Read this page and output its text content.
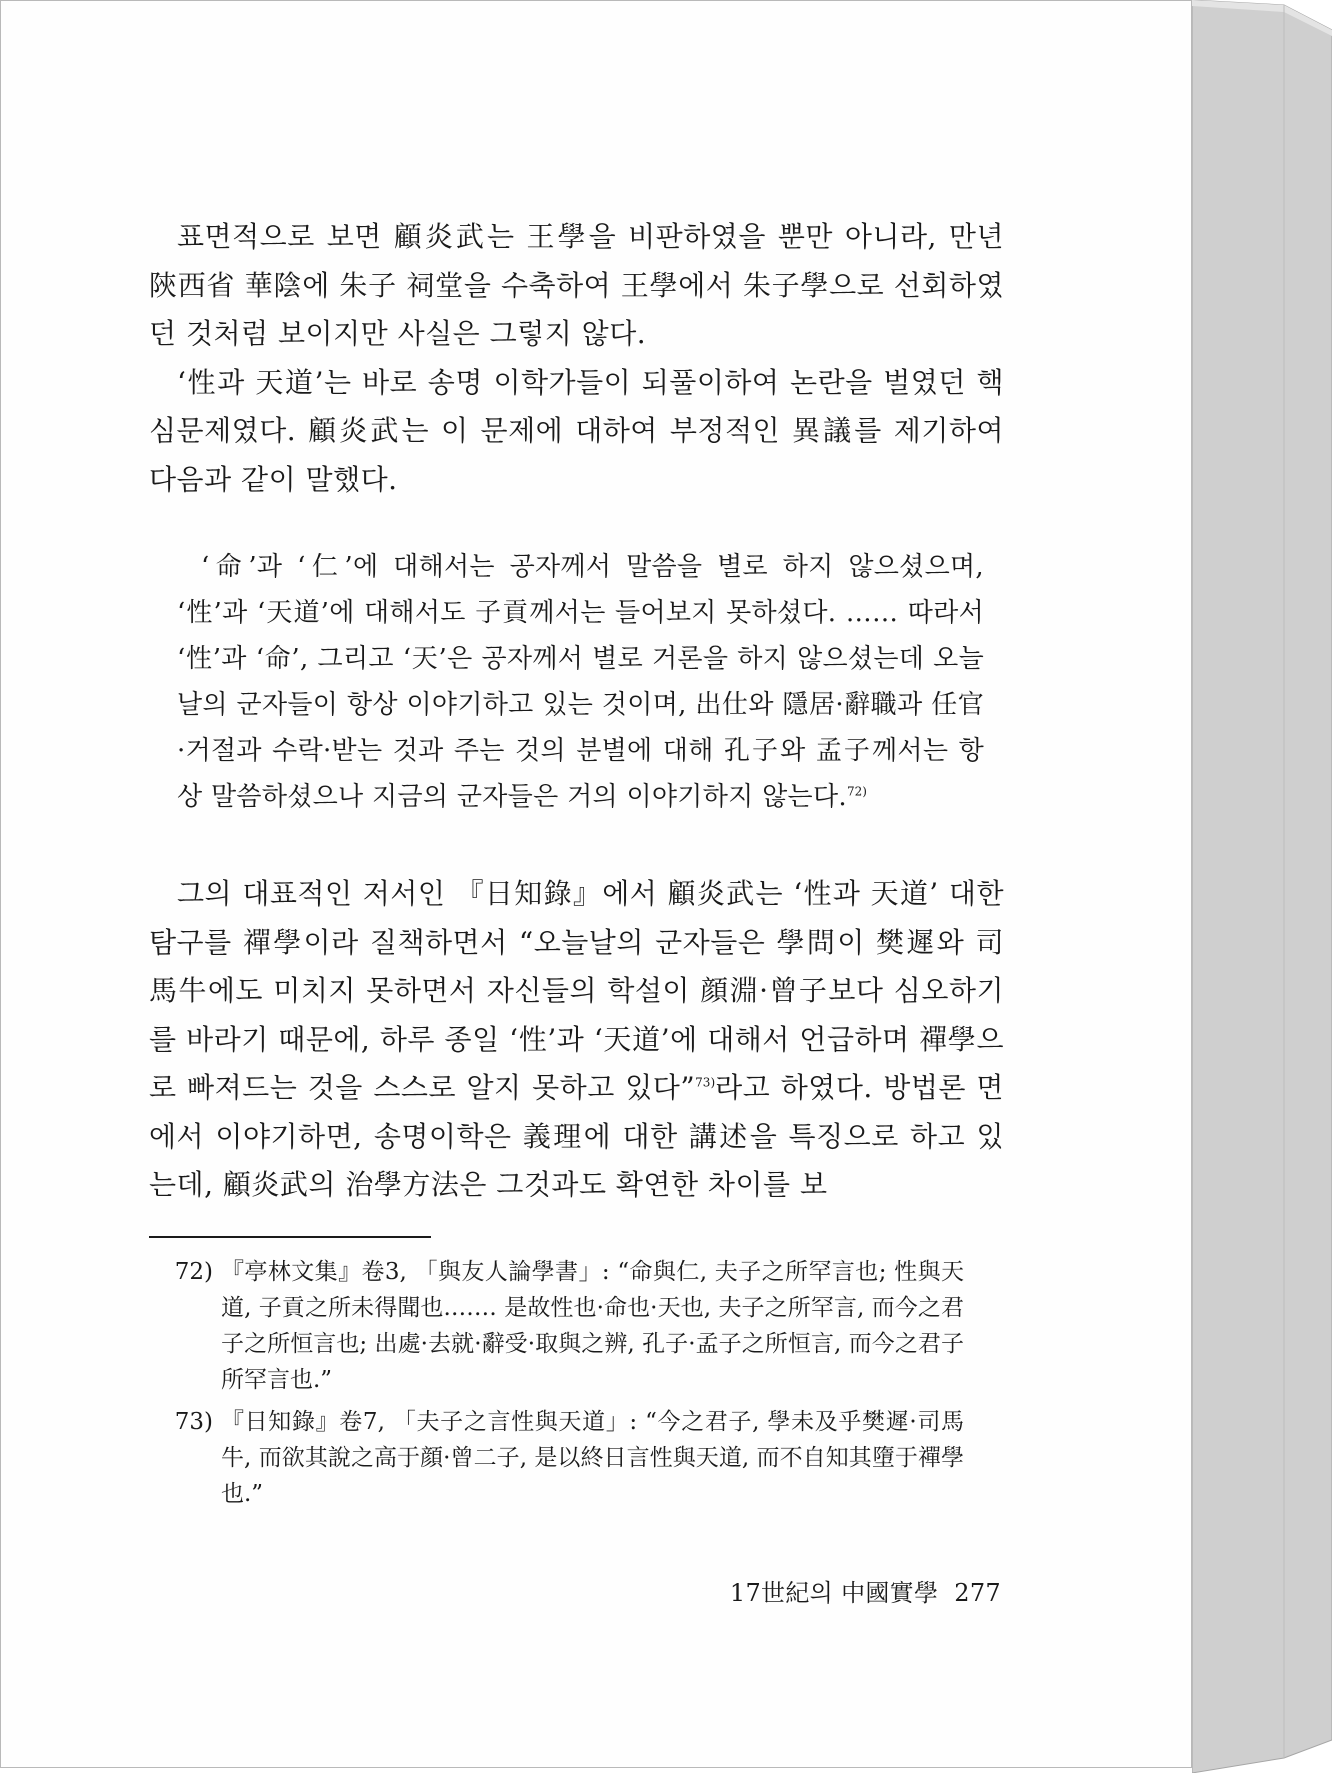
표면적으로 보면 顧炎武는 王學을 비판하였을 뿐만 아니라, 만년 陝西省 華陰에 朱子 祠堂을 수축하여 王學에서 朱子學으로 선회하였던 것처럼 보이지만 사실은 그렇지 않다.

‘性과 天道’는 바로 송명 이학가들이 되풀이하여 논란을 벌였던 핵심문제였다. 顧炎武는 이 문제에 대하여 부정적인 異議를 제기하여 다음과 같이 말했다.

‘命’과 ‘仁’에 대해서는 공자께서 말씀을 별로 하지 않으셨으며, ‘性’과 ‘天道’에 대해서도 子貢께서는 들어보지 못하셨다. …… 따라서 ‘性’과 ‘命’, 그리고 ‘天’은 공자께서 별로 거론을 하지 않으셨는데 오늘날의 군자들이 항상 이야기하고 있는 것이며, 出仕와 隱居·辭職과 任官·거절과 수락·받는 것과 주는 것의 분별에 대해 孔子와 孟子께서는 항상 말씀하셨으나 지금의 군자들은 거의 이야기하지 않는다.$^{72)}$

그의 대표적인 저서인 『日知錄』에서 顧炎武는 ‘性과 天道’ 대한 탐구를 禪學이라 질책하면서 “오늘날의 군자들은 學問이 樊遲와 司馬牛에도 미치지 못하면서 자신들의 학설이 顔淵·曾子보다 심오하기를 바라기 때문에, 하루 종일 ‘性’과 ‘天道’에 대해서 언급하며 禪學으로 빠져드는 것을 스스로 알지 못하고 있다”$^{73)}$라고 하였다. 방법론 면에서 이야기하면, 송명이학은 義理에 대한 講述을 특징으로 하고 있는데, 顧炎武의 治學方法은 그것과도 확연한 차이를 보

72) 『亭林文集』卷3, 「與友人論學書」: “命與仁, 夫子之所罕言也; 性與天道, 子貢之所未得聞也.…… 是故性也·命也·天也, 夫子之所罕言, 而今之君子之所恒言也; 出處·去就·辭受·取與之辨, 孔子·孟子之所恒言, 而今之君子所罕言也.”
73) 『日知錄』卷7, 「夫子之言性與天道」: “今之君子, 學未及乎樊遲·司馬牛, 而欲其說之高于顔·曾二子, 是以終日言性與天道, 而不自知其墮于禪學也.”
17世紀의 中國實學 277
